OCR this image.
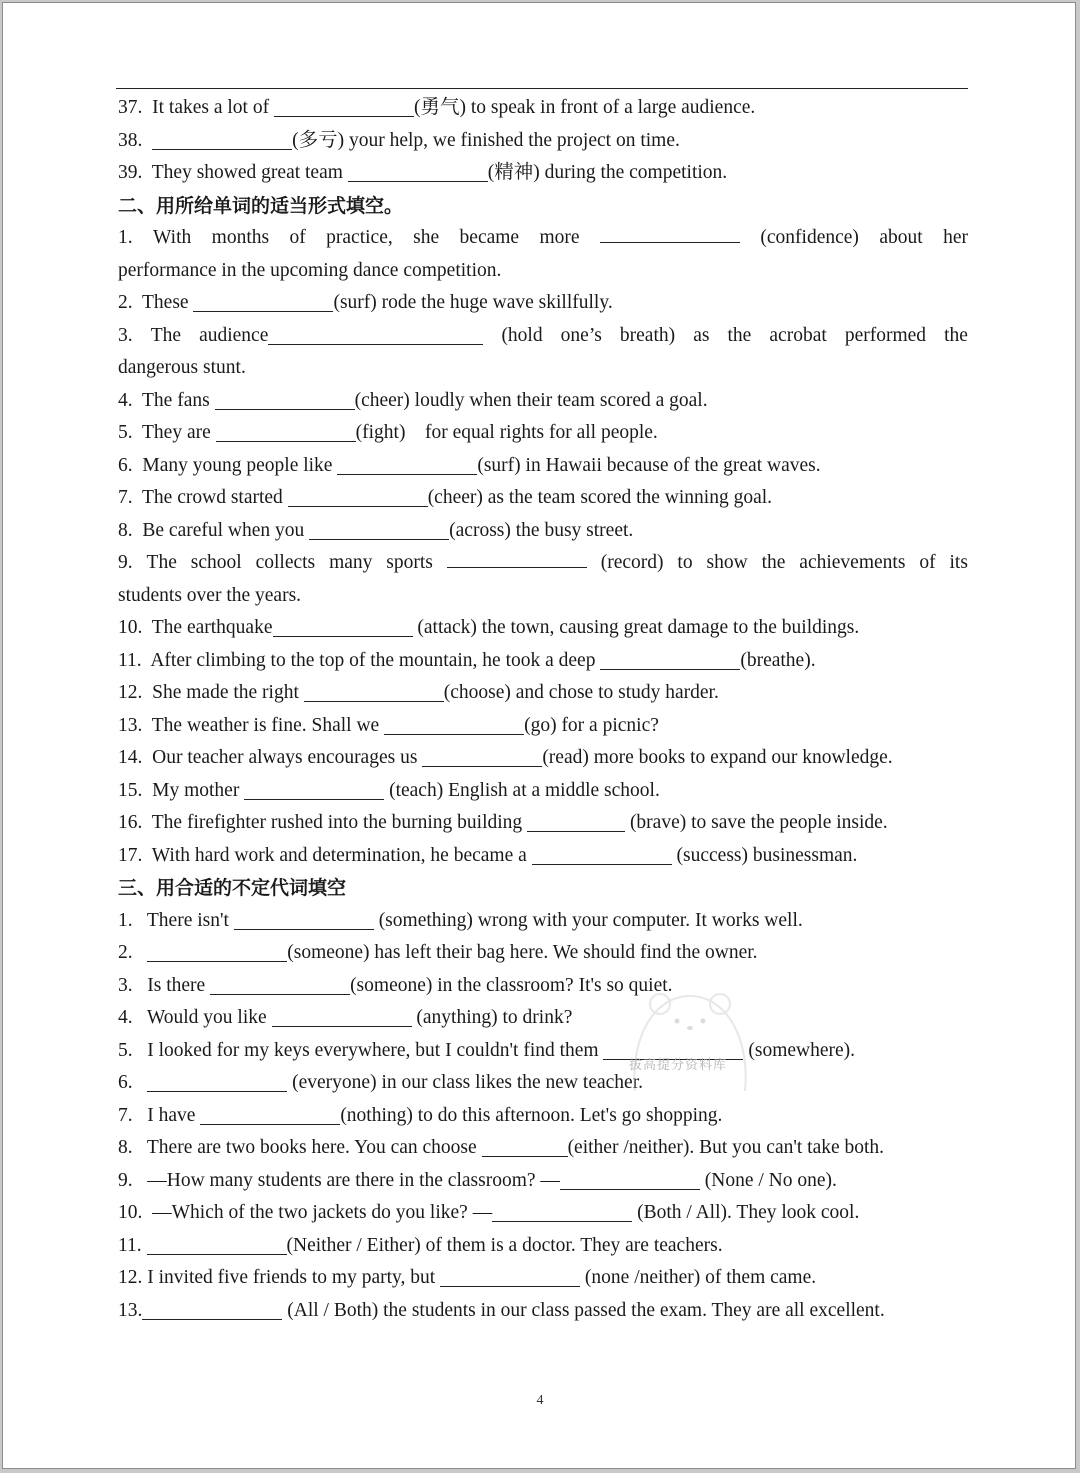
37.  It takes a lot of	(勇气) to speak in front of a large audience.
38.	(多亏) your help, we finished the project on time.
39.  They showed great team	(精神) during the competition.
二、用所给单词的适当形式填空。
1. With months of practice, she became more	(confidence) about her
performance in the upcoming dance competition.
2.  These	(surf) rode the huge wave skillfully.
3. The audience	(hold one’s breath) as the acrobat performed the
dangerous stunt.
4.  The fans	(cheer) loudly when their team scored a goal.
5.  They are	(fight)    for equal rights for all people.
6.  Many young people like	(surf) in Hawaii because of the great waves.
7.  The crowd started	(cheer) as the team scored the winning goal.
8.  Be careful when you	(across) the busy street.
9. The school collects many sports	(record) to show the achievements of its
students over the years.
10.  The earthquake	(attack) the town, causing great damage to the buildings.
11.  After climbing to the top of the mountain, he took a deep	(breathe).
12.  She made the right	(choose) and chose to study harder.
13.  The weather is fine. Shall we	(go) for a picnic?
14.  Our teacher always encourages us	(read) more books to expand our knowledge.
15.  My mother	(teach) English at a middle school.
16.  The firefighter rushed into the burning building	(brave) to save the people inside.
17.  With hard work and determination, he became a	(success) businessman.
三、用合适的不定代词填空
1.   There isn't	(something) wrong with your computer. It works well.
2.	(someone) has left their bag here. We should find the owner.
3.   Is there	(someone) in the classroom? It's so quiet.
4.   Would you like	(anything) to drink?
5.   I looked for my keys everywhere, but I couldn't find them	(somewhere).
6.	(everyone) in our class likes the new teacher.
7.   I have	(nothing) to do this afternoon. Let's go shopping.
8.   There are two books here. You can choose	(either /neither). But you can't take both.
9.   —How many students are there in the classroom? —	(None / No one).
10.  —Which of the two jackets do you like? —	(Both / All). They look cool.
11.	(Neither / Either) of them is a doctor. They are teachers.
12. I invited five friends to my party, but	(none /neither) of them came.
13.	(All / Both) the students in our class passed the exam. They are all excellent.
拔高提分资料库
4
